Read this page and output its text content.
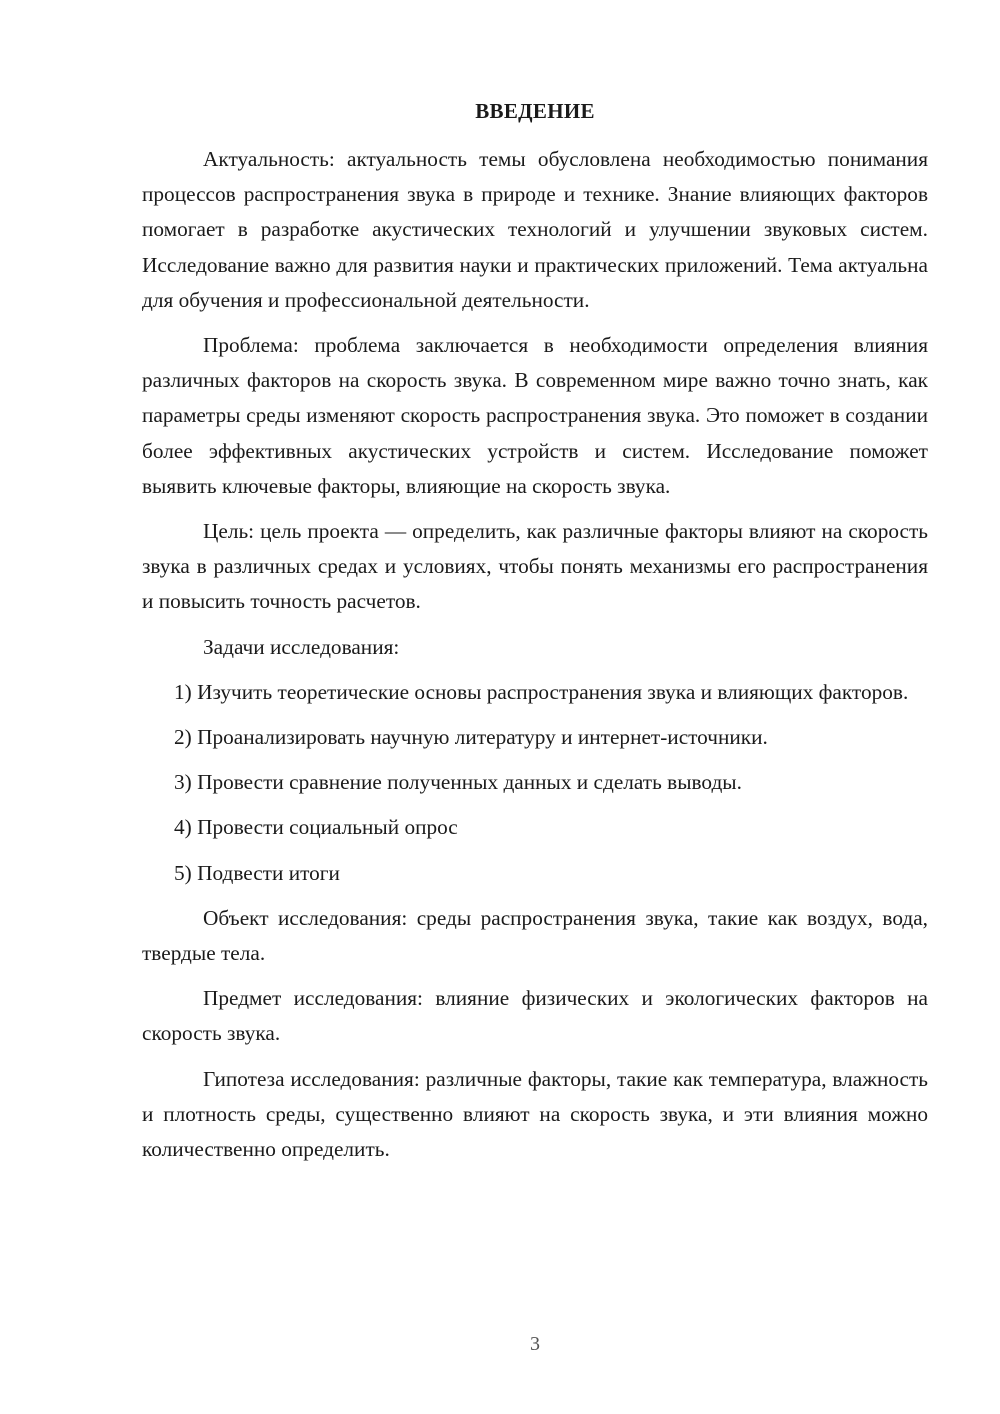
ВВЕДЕНИЕ

Актуальность: актуальность темы обусловлена необходимостью понимания процессов распространения звука в природе и технике. Знание влияющих факторов помогает в разработке акустических технологий и улучшении звуковых систем. Исследование важно для развития науки и практических приложений. Тема актуальна для обучения и профессиональной деятельности.

Проблема: проблема заключается в необходимости определения влияния различных факторов на скорость звука. В современном мире важно точно знать, как параметры среды изменяют скорость распространения звука. Это поможет в создании более эффективных акустических устройств и систем. Исследование поможет выявить ключевые факторы, влияющие на скорость звука.

Цель: цель проекта — определить, как различные факторы влияют на скорость звука в различных средах и условиях, чтобы понять механизмы его распространения и повысить точность расчетов.

Задачи исследования:

1) Изучить теоретические основы распространения звука и влияющих факторов.

2) Проанализировать научную литературу и интернет-источники.

3) Провести сравнение полученных данных и сделать выводы.

4) Провести социальный опрос

5) Подвести итоги

Объект исследования: среды распространения звука, такие как воздух, вода, твердые тела.

Предмет исследования: влияние физических и экологических факторов на скорость звука.

Гипотеза исследования: различные факторы, такие как температура, влажность и плотность среды, существенно влияют на скорость звука, и эти влияния можно количественно определить.

3
